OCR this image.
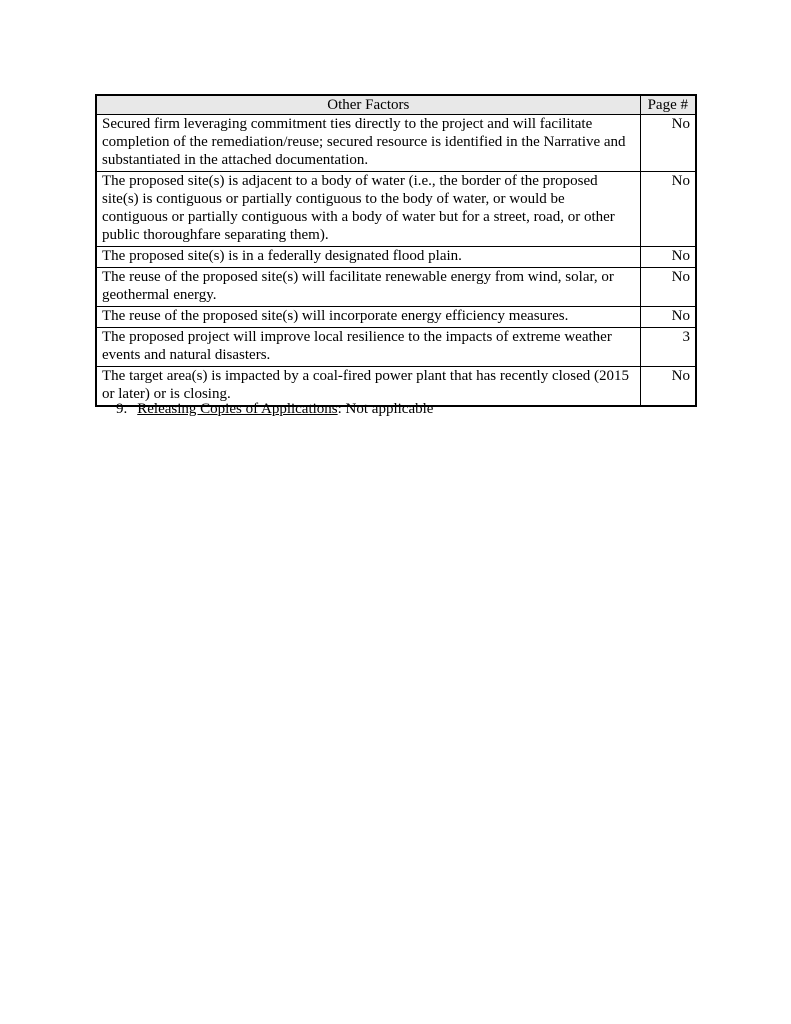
Other Factors	Page #
Secured firm leveraging commitment ties directly to the project and will facilitate completion of the remediation/reuse; secured resource is identified in the Narrative and substantiated in the attached documentation.	No
The proposed site(s) is adjacent to a body of water (i.e., the border of the proposed site(s) is contiguous or partially contiguous to the body of water, or would be contiguous or partially contiguous with a body of water but for a street, road, or other public thoroughfare separating them).	No
The proposed site(s) is in a federally designated flood plain.	No
The reuse of the proposed site(s) will facilitate renewable energy from wind, solar, or geothermal energy.	No
The reuse of the proposed site(s) will incorporate energy efficiency measures.	No
The proposed project will improve local resilience to the impacts of extreme weather events and natural disasters.	3
The target area(s) is impacted by a coal-fired power plant that has recently closed (2015 or later) or is closing.	No
9. Releasing Copies of Applications: Not applicable
